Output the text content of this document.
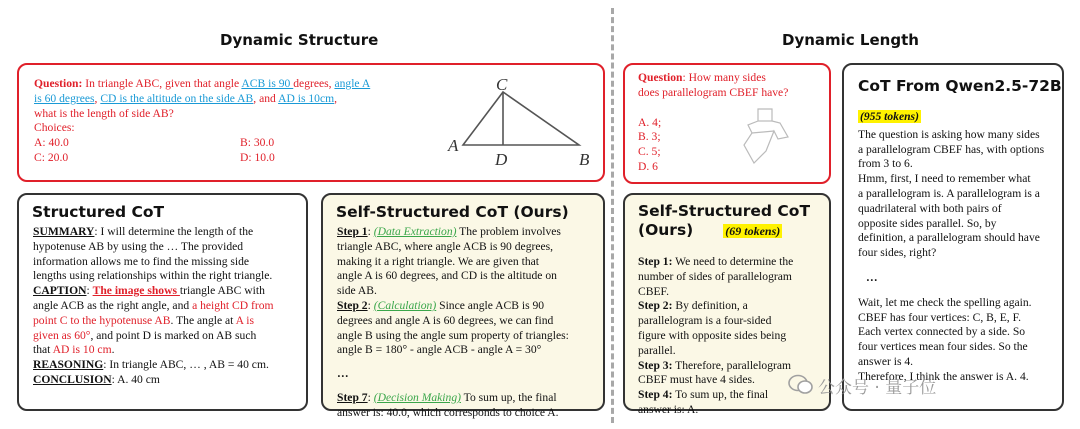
Dynamic Structure	Dynamic Length
Question: In triangle ABC, given that angle ACB is 90 degrees, angle A
is 60 degrees, CD is the altitude on the side AB, and AD is 10cm,
what is the length of side AB?
Choices:
A: 40.0	B: 30.0
C: 20.0	D: 10.0
C
A
D	B
Structured CoT
SUMMARY: I will determine the length of the
hypotenuse AB by using the … The provided
information allows me to find the missing side
lengths using relationships within the right triangle.
CAPTION: The image shows triangle ABC with
angle ACB as the right angle, and a height CD from
point C to the hypotenuse AB. The angle at A is
given as 60°, and point D is marked on AB such
that AD is 10 cm.
REASONING: In triangle ABC, … , AB = 40 cm.
CONCLUSION: A. 40 cm
Self-Structured CoT (Ours)
Step 1: (Data Extraction) The problem involves
triangle ABC, where angle ACB is 90 degrees,
making it a right triangle. We are given that
angle A is 60 degrees, and CD is the altitude on
side AB.
Step 2: (Calculation) Since angle ACB is 90
degrees and angle A is 60 degrees, we can find
angle B using the angle sum property of triangles:
angle B = 180° - angle ACB - angle A = 30°
…
Step 7: (Decision Making) To sum up, the final
answer is: 40.0, which corresponds to choice A.
Question: How many sides
does parallelogram CBEF have?
A. 4;
B. 3;
C. 5;
D. 6
Self-Structured CoT
(Ours)	(69 tokens)
Step 1: We need to determine the
number of sides of parallelogram
CBEF.
Step 2: By definition, a
parallelogram is a four-sided
figure with opposite sides being
parallel.
Step 3: Therefore, parallelogram
CBEF must have 4 sides.
Step 4: To sum up, the final
answer is: A.
CoT From Qwen2.5-72B
(955 tokens)
The question is asking how many sides
a parallelogram CBEF has, with options
from 3 to 6.
Hmm, first, I need to remember what
a parallelogram is. A parallelogram is a
quadrilateral with both pairs of
opposite sides parallel. So, by
definition, a parallelogram should have
four sides, right?
…
Wait, let me check the spelling again.
CBEF has four vertices: C, B, E, F.
Each vertex connected by a side. So
four vertices mean four sides. So the
answer is 4.
Therefore, I think the answer is A. 4.
公众号 · 量子位
